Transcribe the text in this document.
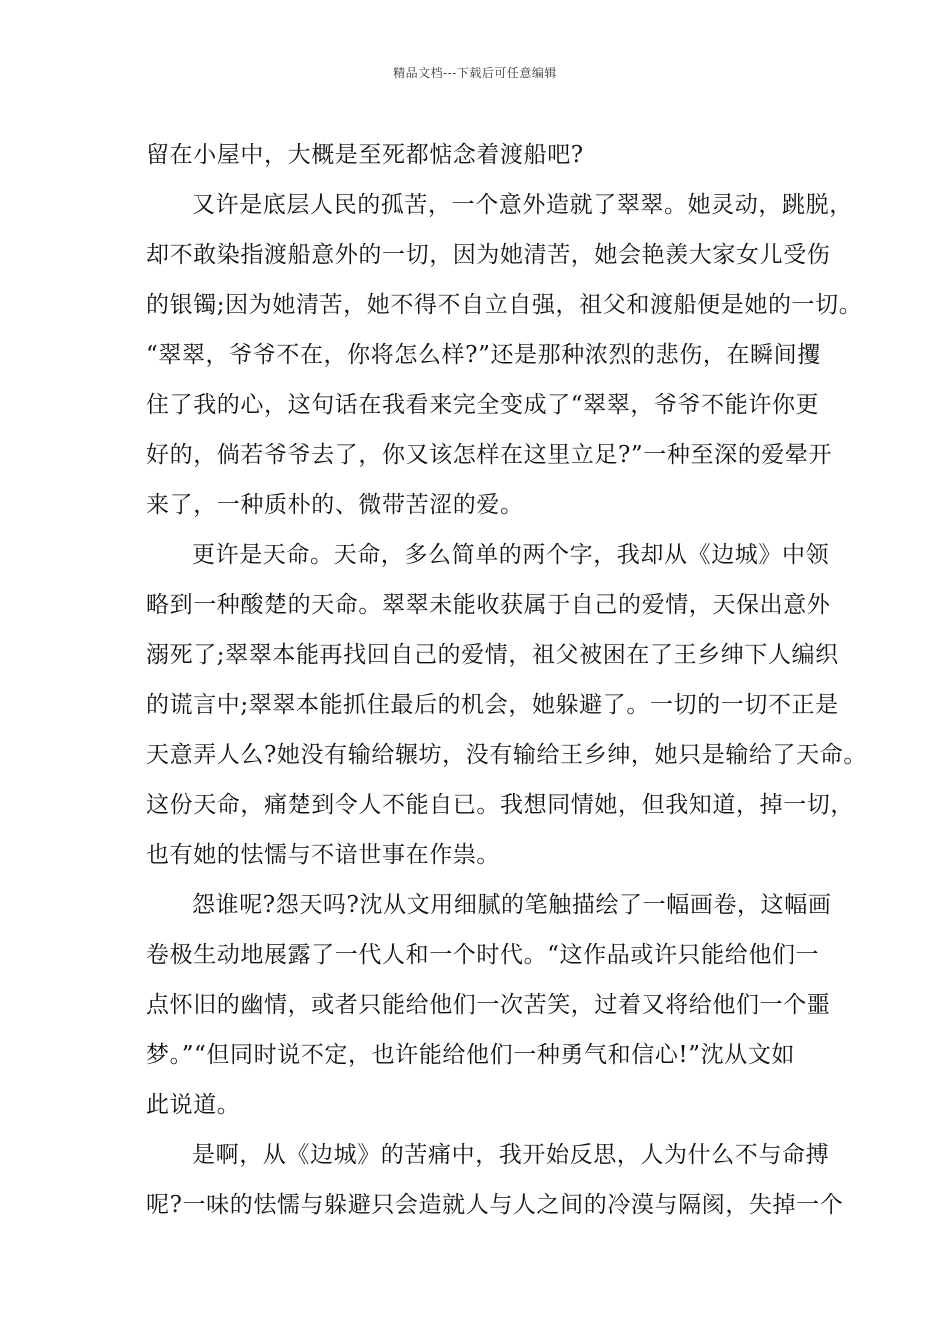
精品文档---下载后可任意编辑
留在小屋中，大概是至死都惦念着渡船吧?
又许是底层人民的孤苦，一个意外造就了翠翠。她灵动，跳脱，
却不敢染指渡船意外的一切，因为她清苦，她会艳羡大家女儿受伤
的银镯;因为她清苦，她不得不自立自强，祖父和渡船便是她的一切。
“翠翠，爷爷不在，你将怎么样?”还是那种浓烈的悲伤，在瞬间攫
住了我的心，这句话在我看来完全变成了“翠翠，爷爷不能许你更
好的，倘若爷爷去了，你又该怎样在这里立足?”一种至深的爱晕开
来了，一种质朴的、微带苦涩的爱。
更许是天命。天命，多么简单的两个字，我却从《边城》中领
略到一种酸楚的天命。翠翠未能收获属于自己的爱情，天保出意外
溺死了;翠翠本能再找回自己的爱情，祖父被困在了王乡绅下人编织
的谎言中;翠翠本能抓住最后的机会，她躲避了。一切的一切不正是
天意弄人么?她没有输给辗坊，没有输给王乡绅，她只是输给了天命。
这份天命，痛楚到令人不能自已。我想同情她，但我知道，掉一切，
也有她的怯懦与不谙世事在作祟。
怨谁呢?怨天吗?沈从文用细腻的笔触描绘了一幅画卷，这幅画
卷极生动地展露了一代人和一个时代。“这作品或许只能给他们一
点怀旧的幽情，或者只能给他们一次苦笑，过着又将给他们一个噩
梦。”“但同时说不定，也许能给他们一种勇气和信心!”沈从文如
此说道。
是啊，从《边城》的苦痛中，我开始反思，人为什么不与命搏
呢?一味的怯懦与躲避只会造就人与人之间的冷漠与隔阂，失掉一个
